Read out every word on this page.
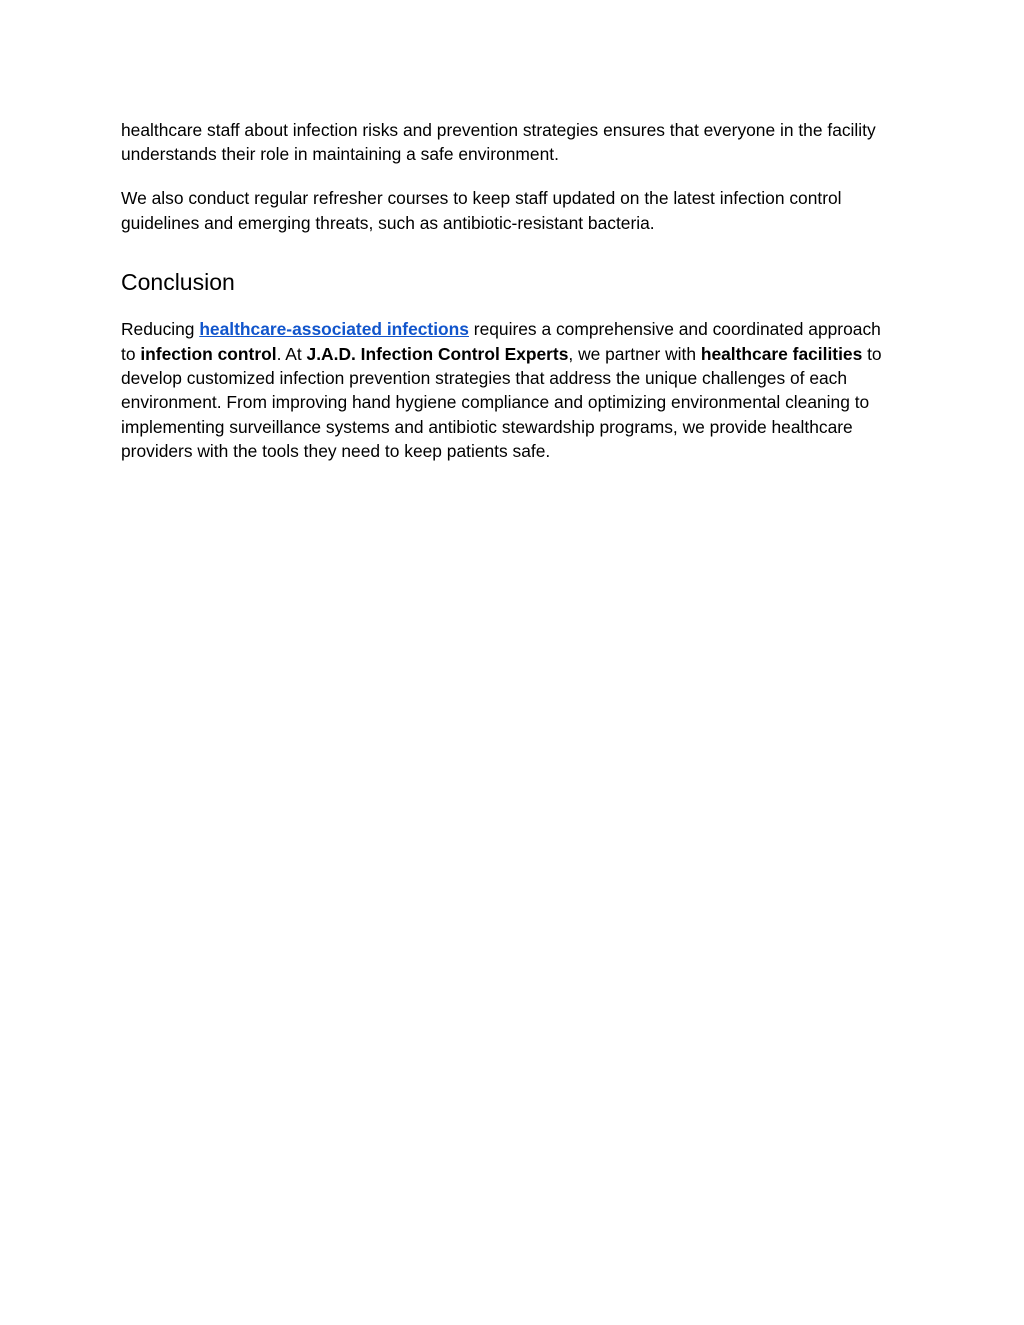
healthcare staff about infection risks and prevention strategies ensures that everyone in the facility understands their role in maintaining a safe environment.

We also conduct regular refresher courses to keep staff updated on the latest infection control guidelines and emerging threats, such as antibiotic-resistant bacteria.

Conclusion

Reducing healthcare-associated infections requires a comprehensive and coordinated approach to infection control. At J.A.D. Infection Control Experts, we partner with healthcare facilities to develop customized infection prevention strategies that address the unique challenges of each environment. From improving hand hygiene compliance and optimizing environmental cleaning to implementing surveillance systems and antibiotic stewardship programs, we provide healthcare providers with the tools they need to keep patients safe.
